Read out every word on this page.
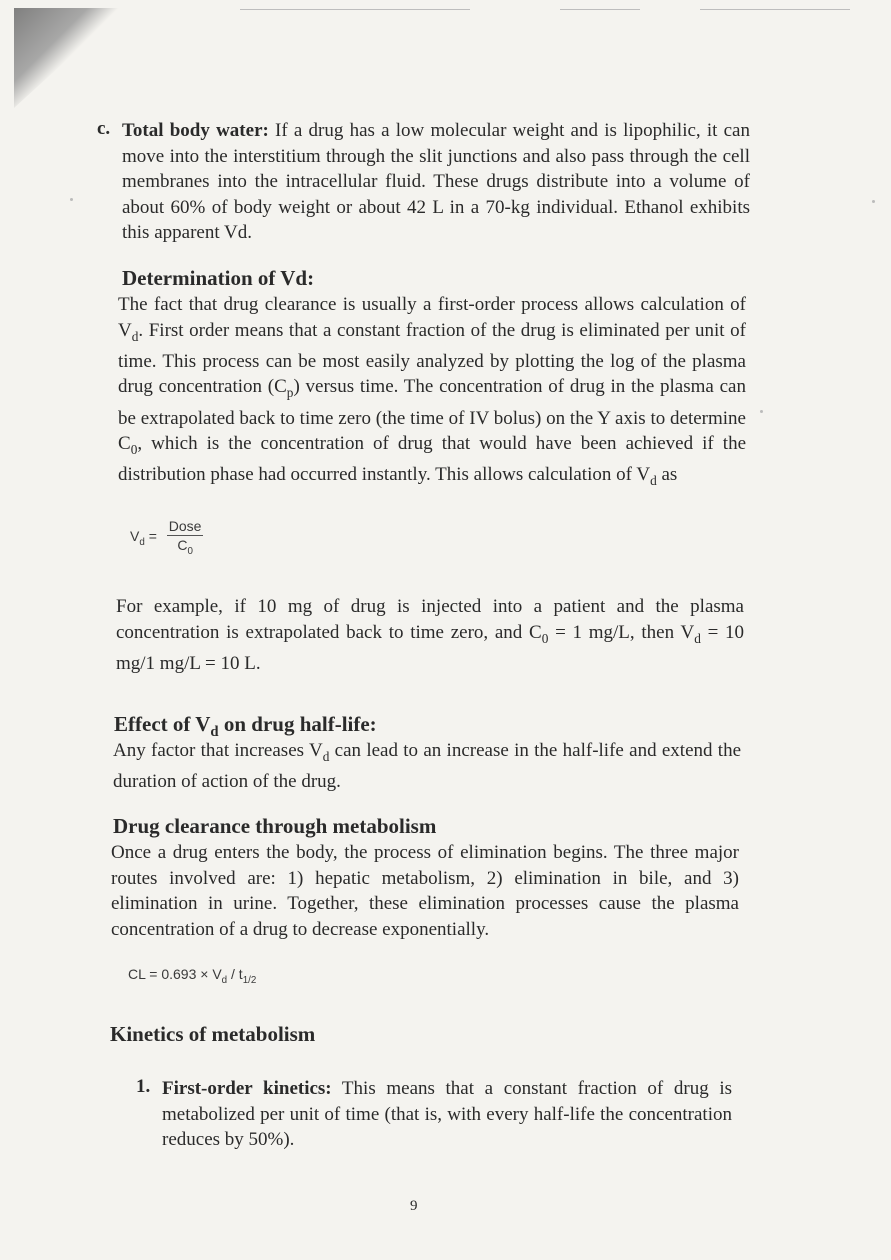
c. Total body water: If a drug has a low molecular weight and is lipophilic, it can move into the interstitium through the slit junctions and also pass through the cell membranes into the intracellular fluid. These drugs distribute into a volume of about 60% of body weight or about 42 L in a 70-kg individual. Ethanol exhibits this apparent Vd.
Determination of Vd:
The fact that drug clearance is usually a first-order process allows calculation of $V_d$. First order means that a constant fraction of the drug is eliminated per unit of time. This process can be most easily analyzed by plotting the log of the plasma drug concentration $(C_p)$ versus time. The concentration of drug in the plasma can be extrapolated back to time zero (the time of IV bolus) on the Y axis to determine $C_0$, which is the concentration of drug that would have been achieved if the distribution phase had occurred instantly. This allows calculation of $V_d$ as
$V_d = \frac{\text{Dose}}{C_0}$
For example, if 10 mg of drug is injected into a patient and the plasma concentration is extrapolated back to time zero, and $C_0 = 1$ mg/L, then $V_d = 10$ mg/1 mg/L = 10 L.
Effect of $V_d$ on drug half-life:
Any factor that increases $V_d$ can lead to an increase in the half-life and extend the duration of action of the drug.
Drug clearance through metabolism
Once a drug enters the body, the process of elimination begins. The three major routes involved are: 1) hepatic metabolism, 2) elimination in bile, and 3) elimination in urine. Together, these elimination processes cause the plasma concentration of a drug to decrease exponentially.
CL = $0.693 \times V_d / t_{1/2}$
Kinetics of metabolism
1. First-order kinetics: This means that a constant fraction of drug is metabolized per unit of time (that is, with every half-life the concentration reduces by 50%).
9
